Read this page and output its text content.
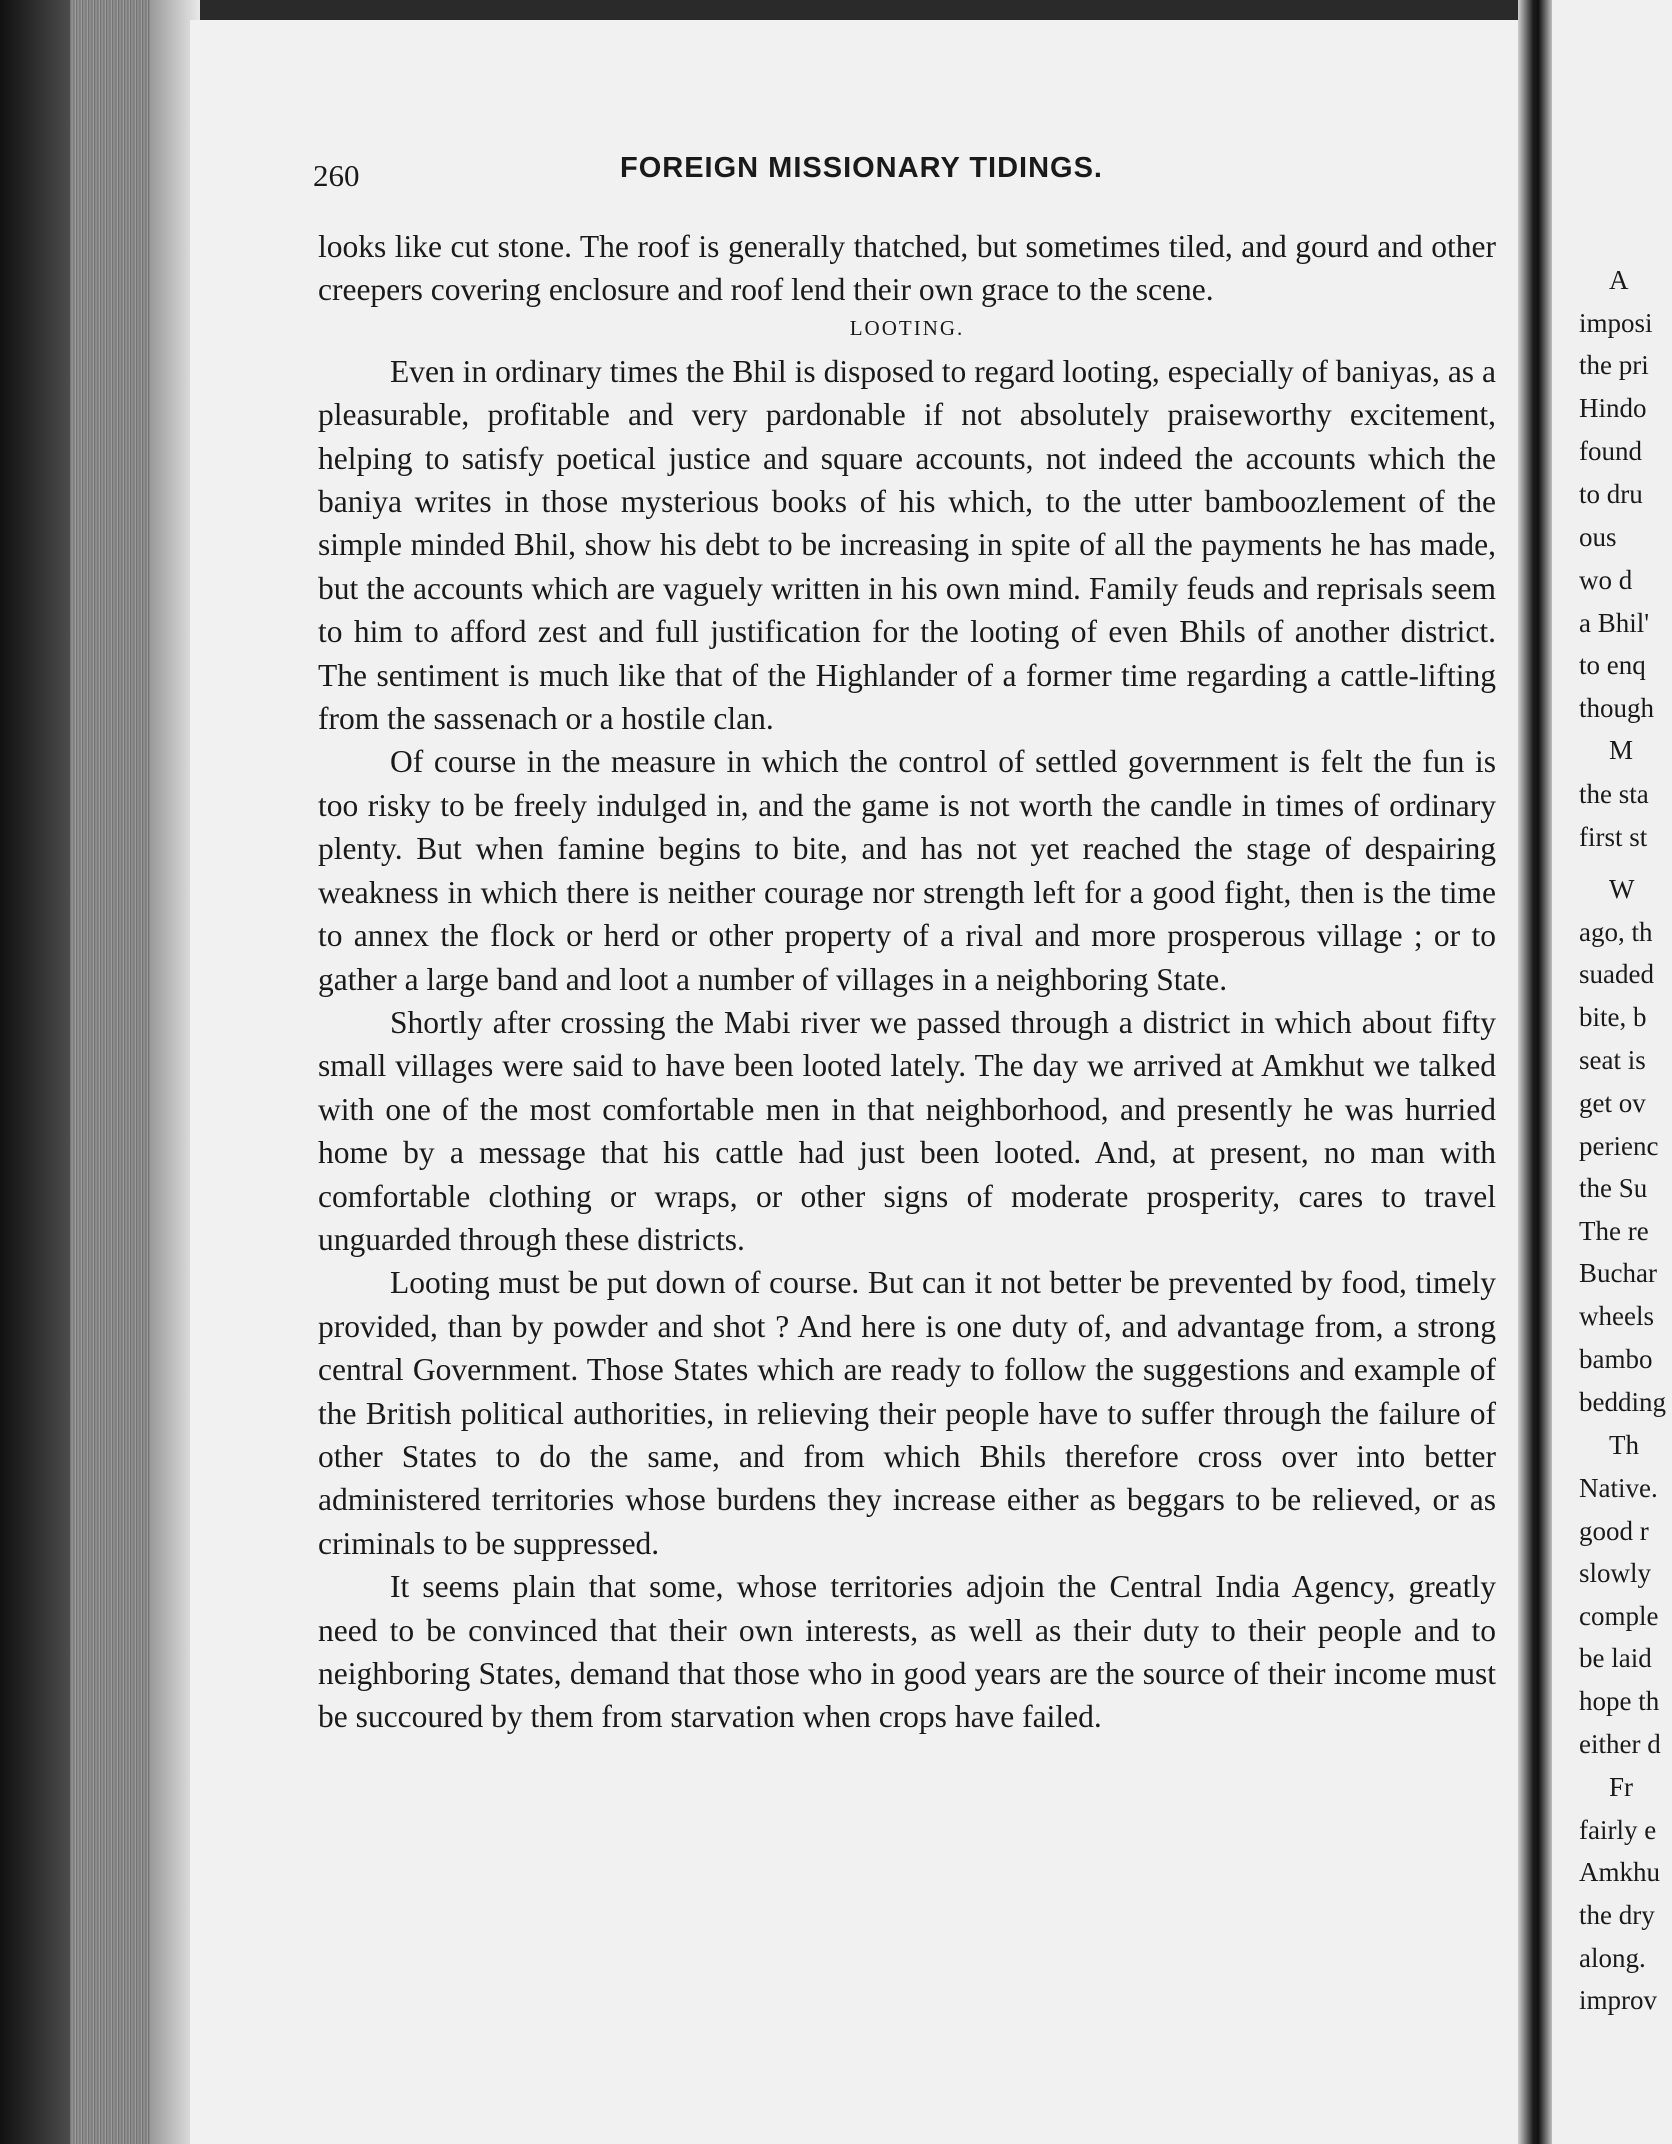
260	FOREIGN MISSIONARY TIDINGS.

looks like cut stone. The roof is generally thatched, but sometimes tiled, and gourd and other creepers covering enclosure and roof lend their own grace to the scene.

LOOTING.

Even in ordinary times the Bhil is disposed to regard looting, especially of baniyas, as a pleasurable, profitable and very pardonable if not absolutely praiseworthy excitement, helping to satisfy poetical justice and square accounts, not indeed the accounts which the baniya writes in those mysterious books of his which, to the utter bamboozlement of the simple minded Bhil, show his debt to be increasing in spite of all the payments he has made, but the accounts which are vaguely written in his own mind. Family feuds and reprisals seem to him to afford zest and full justification for the looting of even Bhils of another district. The sentiment is much like that of the Highlander of a former time regarding a cattle-lifting from the sassenach or a hostile clan.

Of course in the measure in which the control of settled government is felt the fun is too risky to be freely indulged in, and the game is not worth the candle in times of ordinary plenty. But when famine begins to bite, and has not yet reached the stage of despairing weakness in which there is neither courage nor strength left for a good fight, then is the time to annex the flock or herd or other property of a rival and more prosperous village ; or to gather a large band and loot a number of villages in a neighboring State.

Shortly after crossing the Mabi river we passed through a district in which about fifty small villages were said to have been looted lately. The day we arrived at Amkhut we talked with one of the most comfortable men in that neighborhood, and presently he was hurried home by a message that his cattle had just been looted. And, at present, no man with comfortable clothing or wraps, or other signs of moderate prosperity, cares to travel unguarded through these districts.

Looting must be put down of course. But can it not better be prevented by food, timely provided, than by powder and shot ? And here is one duty of, and advantage from, a strong central Government. Those States which are ready to follow the suggestions and example of the British political authorities, in relieving their people have to suffer through the failure of other States to do the same, and from which Bhils therefore cross over into better administered territories whose burdens they increase either as beggars to be relieved, or as criminals to be suppressed.

It seems plain that some, whose territories adjoin the Central India Agency, greatly need to be convinced that their own interests, as well as their duty to their people and to neighboring States, demand that those who in good years are the source of their income must be succoured by them from starvation when crops have failed.

A
imposi
the pri
Hindo
found
to dru
ous
wo d
a Bhil'
to enq
though
M
the sta
first st
W
ago, th
suaded
bite, b
seat is
get ov
perienc
the Su
The re
Buchar
wheels
bambo
bedding
Th
Native.
good r
slowly
comple
be laid
hope th
either d
Fr
fairly e
Amkhu
the dry
along.
improv
